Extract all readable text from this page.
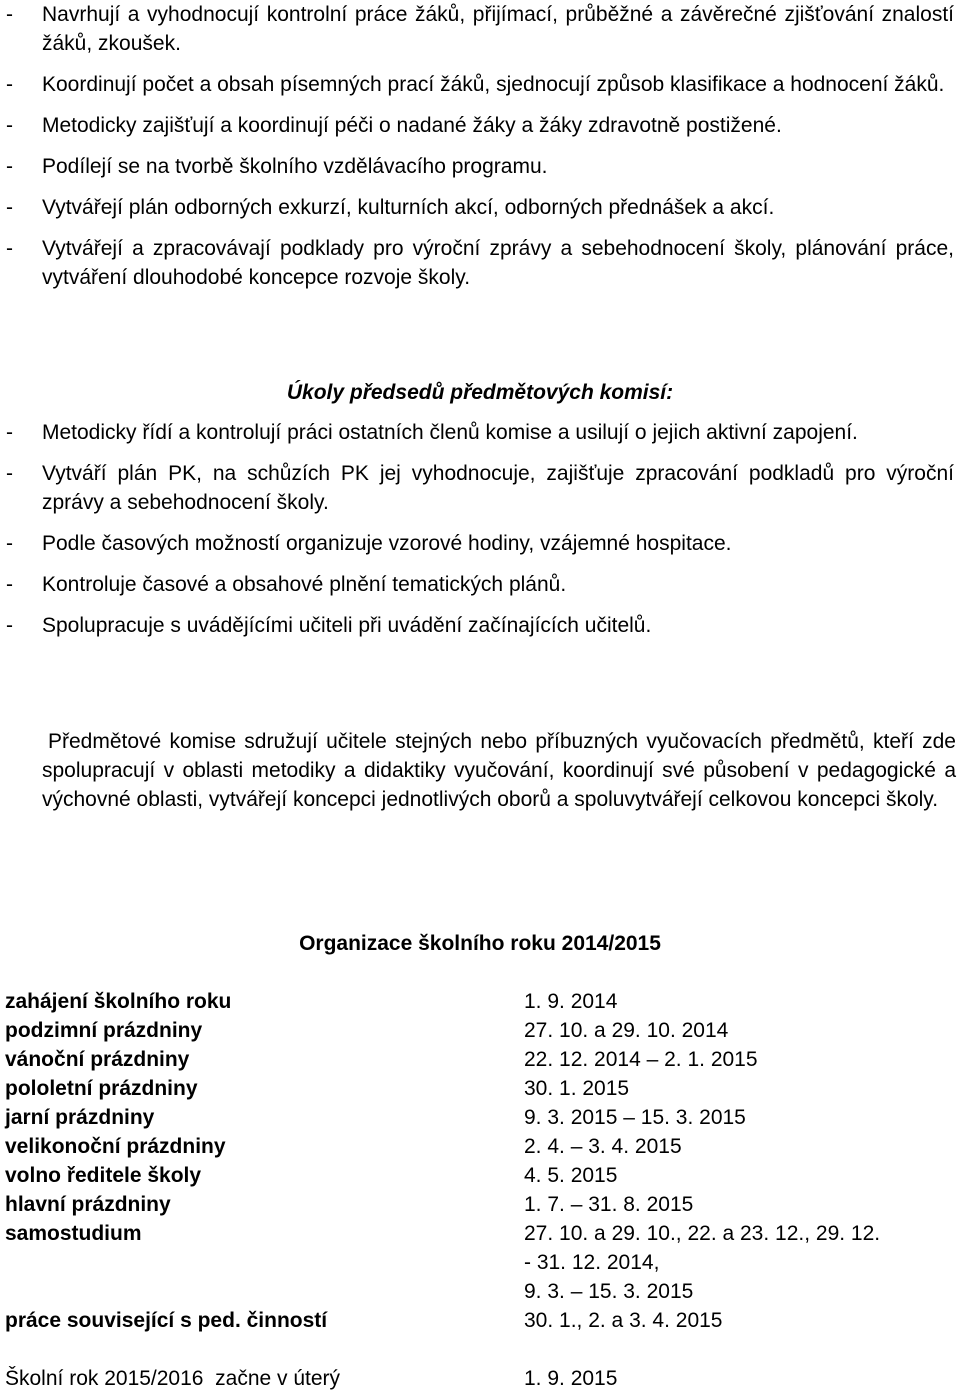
- Navrhují a vyhodnocují kontrolní práce žáků, přijímací, průběžné a závěrečné zjišťování znalostí žáků, zkoušek.
- Koordinují počet a obsah písemných prací žáků, sjednocují způsob klasifikace a hodnocení žáků.
- Metodicky zajišťují a koordinují péči o nadané žáky a žáky zdravotně postižené.
- Podílejí se na tvorbě školního vzdělávacího programu.
- Vytvářejí plán odborných exkurzí, kulturních akcí, odborných přednášek a akcí.
- Vytvářejí a zpracovávají podklady pro výroční zprávy a sebehodnocení školy, plánování práce, vytváření dlouhodobé koncepce rozvoje školy.
Úkoly předsedů předmětových komisí:
- Metodicky řídí a kontrolují práci ostatních členů komise a usilují o jejich aktivní zapojení.
- Vytváří plán PK, na schůzích PK jej vyhodnocuje, zajišťuje zpracování podkladů pro výroční zprávy a sebehodnocení školy.
- Podle časových možností organizuje vzorové hodiny, vzájemné hospitace.
- Kontroluje časové a obsahové plnění tematických plánů.
- Spolupracuje s uvádějícími učiteli při uvádění začínajících učitelů.

Předmětové komise sdružují učitele stejných nebo příbuzných vyučovacích předmětů, kteří zde spolupracují v oblasti metodiky a didaktiky vyučování, koordinují své působení v pedagogické a výchovné oblasti, vytvářejí koncepci jednotlivých oborů a spoluvytvářejí celkovou koncepci školy.

Organizace školního roku 2014/2015
zahájení školního roku	1. 9. 2014
podzimní prázdniny	27. 10. a 29. 10. 2014
vánoční prázdniny	22. 12. 2014 – 2. 1. 2015
pololetní prázdniny	30. 1. 2015
jarní prázdniny	9. 3. 2015 – 15. 3. 2015
velikonoční prázdniny	2. 4. – 3. 4. 2015
volno ředitele školy	4. 5. 2015
hlavní prázdniny	1. 7. – 31. 8. 2015
samostudium	27. 10. a 29. 10., 22. a 23. 12., 29. 12.
- 31. 12. 2014,
9. 3. – 15. 3. 2015
práce související s ped. činností	30. 1., 2. a 3. 4. 2015
Školní rok 2015/2016  začne v úterý	1. 9. 2015
